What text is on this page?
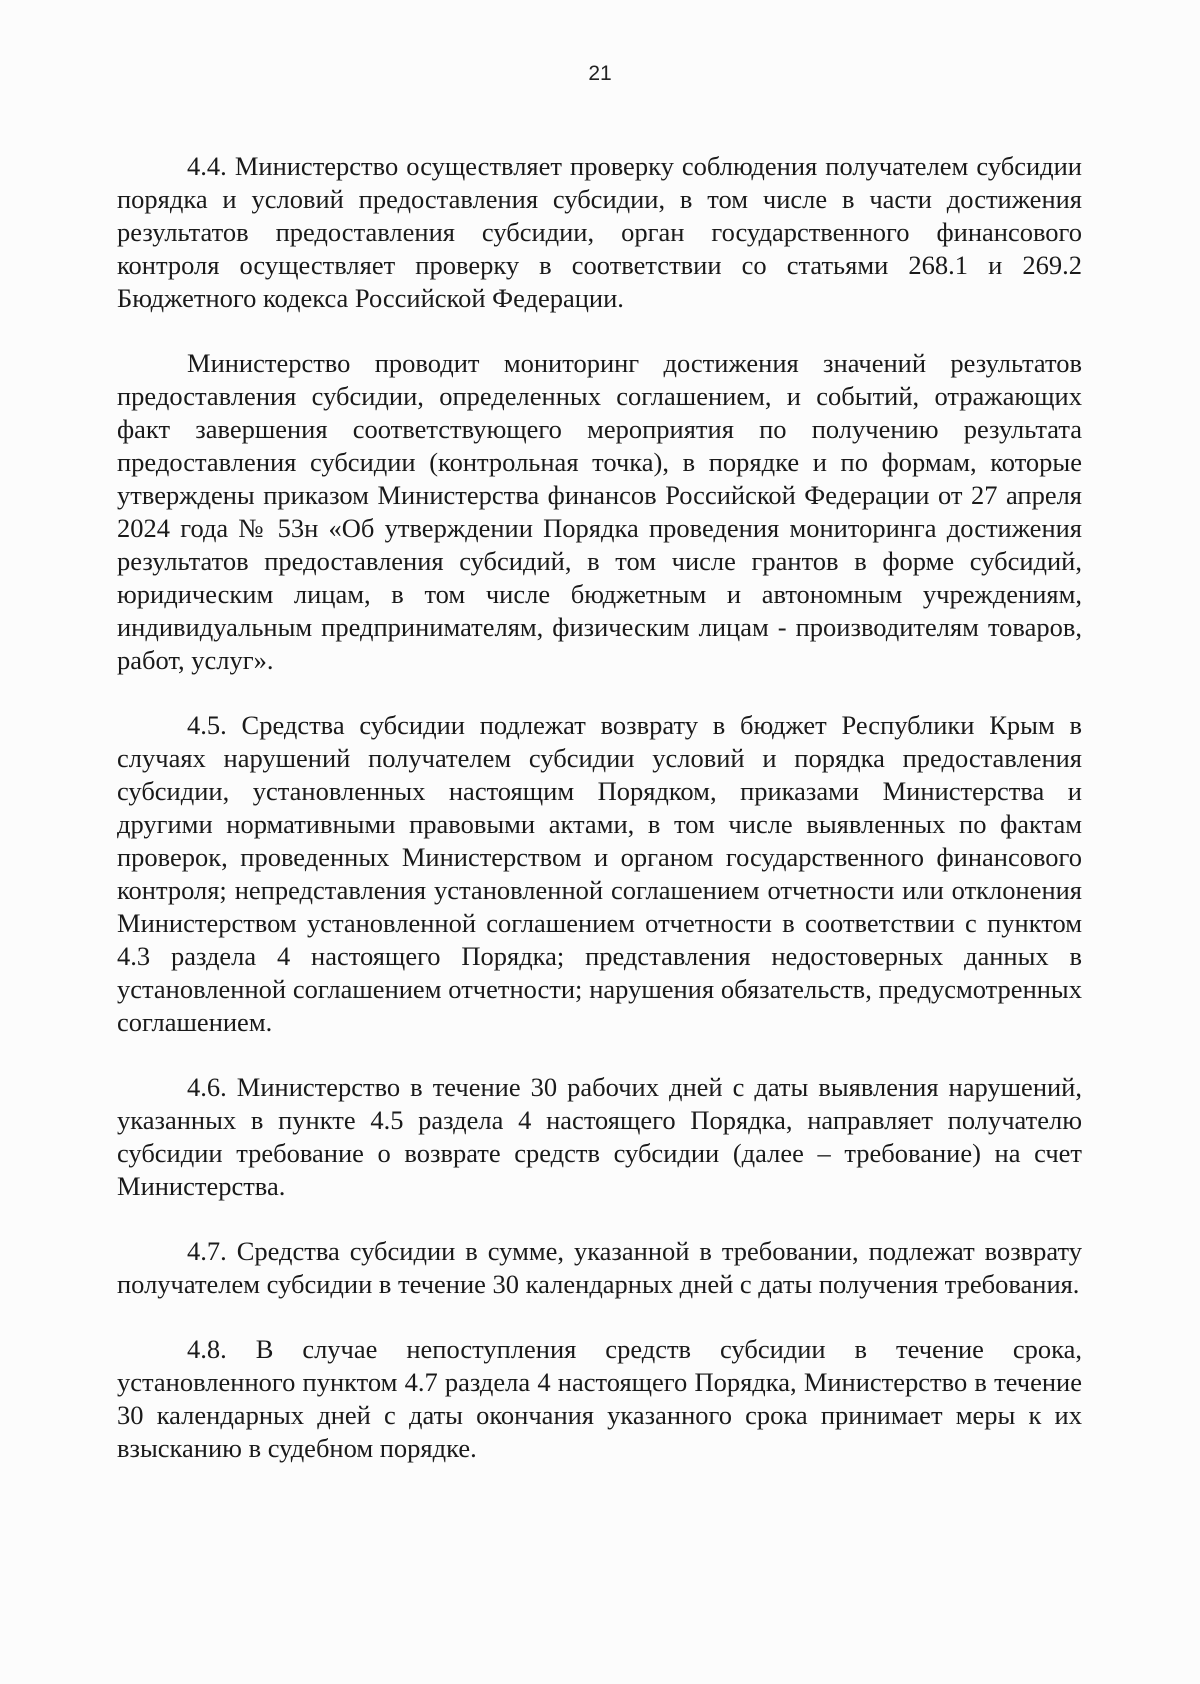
21

4.4. Министерство осуществляет проверку соблюдения получателем субсидии порядка и условий предоставления субсидии, в том числе в части достижения результатов предоставления субсидии, орган государственного финансового контроля осуществляет проверку в соответствии со статьями 268.1 и 269.2 Бюджетного кодекса Российской Федерации.

Министерство проводит мониторинг достижения значений результатов предоставления субсидии, определенных соглашением, и событий, отражающих факт завершения соответствующего мероприятия по получению результата предоставления субсидии (контрольная точка), в порядке и по формам, которые утверждены приказом Министерства финансов Российской Федерации от 27 апреля 2024 года № 53н «Об утверждении Порядка проведения мониторинга достижения результатов предоставления субсидий, в том числе грантов в форме субсидий, юридическим лицам, в том числе бюджетным и автономным учреждениям, индивидуальным предпринимателям, физическим лицам - производителям товаров, работ, услуг».

4.5. Средства субсидии подлежат возврату в бюджет Республики Крым в случаях нарушений получателем субсидии условий и порядка предоставления субсидии, установленных настоящим Порядком, приказами Министерства и другими нормативными правовыми актами, в том числе выявленных по фактам проверок, проведенных Министерством и органом государственного финансового контроля; непредставления установленной соглашением отчетности или отклонения Министерством установленной соглашением отчетности в соответствии с пунктом 4.3 раздела 4 настоящего Порядка; представления недостоверных данных в установленной соглашением отчетности; нарушения обязательств, предусмотренных соглашением.

4.6. Министерство в течение 30 рабочих дней с даты выявления нарушений, указанных в пункте 4.5 раздела 4 настоящего Порядка, направляет получателю субсидии требование о возврате средств субсидии (далее – требование) на счет Министерства.

4.7. Средства субсидии в сумме, указанной в требовании, подлежат возврату получателем субсидии в течение 30 календарных дней с даты получения требования.

4.8. В случае непоступления средств субсидии в течение срока, установленного пунктом 4.7 раздела 4 настоящего Порядка, Министерство в течение 30 календарных дней с даты окончания указанного срока принимает меры к их взысканию в судебном порядке.
